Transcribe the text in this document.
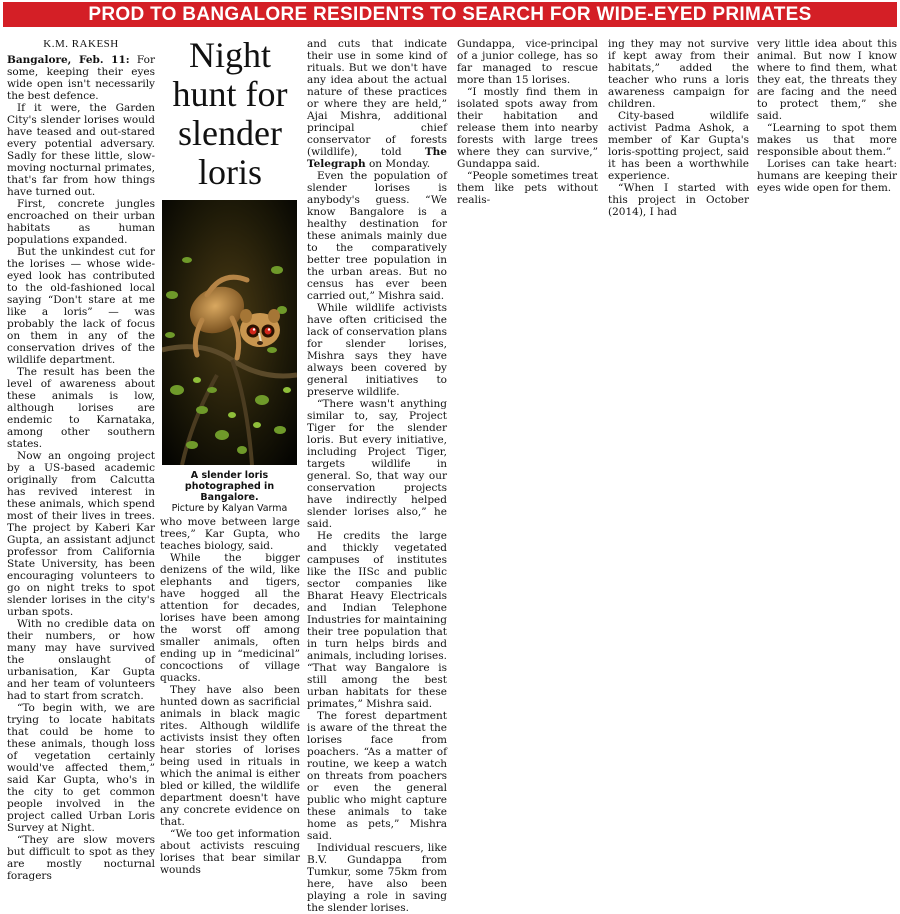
PROD TO BANGALORE RESIDENTS TO SEARCH FOR WIDE-EYED PRIMATES
K.M. RAKESH

Bangalore, Feb. 11: For some, keeping their eyes wide open isn't necessarily the best defence.

If it were, the Garden City's slender lorises would have teased and out-stared every potential adversary. Sadly for these little, slow-moving nocturnal primates, that's far from how things have turned out.

First, concrete jungles encroached on their urban habitats as human populations expanded.

But the unkindest cut for the lorises — whose wide-eyed look has contributed to the old-fashioned local saying “Don't stare at me like a loris” — was probably the lack of focus on them in any of the conservation drives of the wildlife department.

The result has been the level of awareness about these animals is low, although lorises are endemic to Karnataka, among other southern states.

Now an ongoing project by a US-based academic originally from Calcutta has revived interest in these animals, which spend most of their lives in trees. The project by Kaberi Kar Gupta, an assistant adjunct professor from California State University, has been encouraging volunteers to go on night treks to spot slender lorises in the city's urban spots.

With no credible data on their numbers, or how many may have survived the onslaught of urbanisation, Kar Gupta and her team of volunteers had to start from scratch.

“To begin with, we are trying to locate habitats that could be home to these animals, though loss of vegetation certainly would've affected them,” said Kar Gupta, who's in the city to get common people involved in the project called Urban Loris Survey at Night.

“They are slow movers but difficult to spot as they are mostly nocturnal foragers

Night hunt for slender loris
A slender loris photographed in Bangalore.
Picture by Kalyan Varma

who move between large trees,” Kar Gupta, who teaches biology, said.

While the bigger denizens of the wild, like elephants and tigers, have hogged all the attention for decades, lorises have been among the worst off among smaller animals, often ending up in “medicinal” concoctions of village quacks.

They have also been hunted down as sacrificial animals in black magic rites. Although wildlife activists insist they often hear stories of lorises being used in rituals in which the animal is either bled or killed, the wildlife department doesn't have any concrete evidence on that.

“We too get information about activists rescuing lorises that bear similar wounds

and cuts that indicate their use in some kind of rituals. But we don't have any idea about the actual nature of these practices or where they are held,” Ajai Mishra, additional principal chief conservator of forests (wildlife), told The Telegraph on Monday.

Even the population of slender lorises is anybody's guess. “We know Bangalore is a healthy destination for these animals mainly due to the comparatively better tree population in the urban areas. But no census has ever been carried out,” Mishra said.

While wildlife activists have often criticised the lack of conservation plans for slender lorises, Mishra says they have always been covered by general initiatives to preserve wildlife.

“There wasn't anything similar to, say, Project Tiger for the slender loris. But every initiative, including Project Tiger, targets wildlife in general. So, that way our conservation projects have indirectly helped slender lorises also,” he said.

He credits the large and thickly vegetated campuses of institutes like the IISc and public sector companies like Bharat Heavy Electricals and Indian Telephone Industries for maintaining their tree population that in turn helps birds and animals, including lorises. “That way Bangalore is still among the best urban habitats for these primates,” Mishra said.

The forest department is aware of the threat the lorises face from poachers. “As a matter of routine, we keep a watch on threats from poachers or even the general public who might capture these animals to take home as pets,” Mishra said.

Individual rescuers, like B.V. Gundappa from Tumkur, some 75km from here, have also been playing a role in saving the slender lorises.

Gundappa, vice-principal of a junior college, has so far managed to rescue more than 15 lorises.

“I mostly find them in isolated spots away from their habitation and release them into nearby forests with large trees where they can survive,” Gundappa said.

“People sometimes treat them like pets without realis-

ing they may not survive if kept away from their habitats,” added the teacher who runs a loris awareness campaign for children.

City-based wildlife activist Padma Ashok, a member of Kar Gupta's loris-spotting project, said it has been a worthwhile experience.

“When I started with this project in October (2014), I had

very little idea about this animal. But now I know where to find them, what they eat, the threats they are facing and the need to protect them,” she said.

“Learning to spot them makes us that more responsible about them.”

Lorises can take heart: humans are keeping their eyes wide open for them.
